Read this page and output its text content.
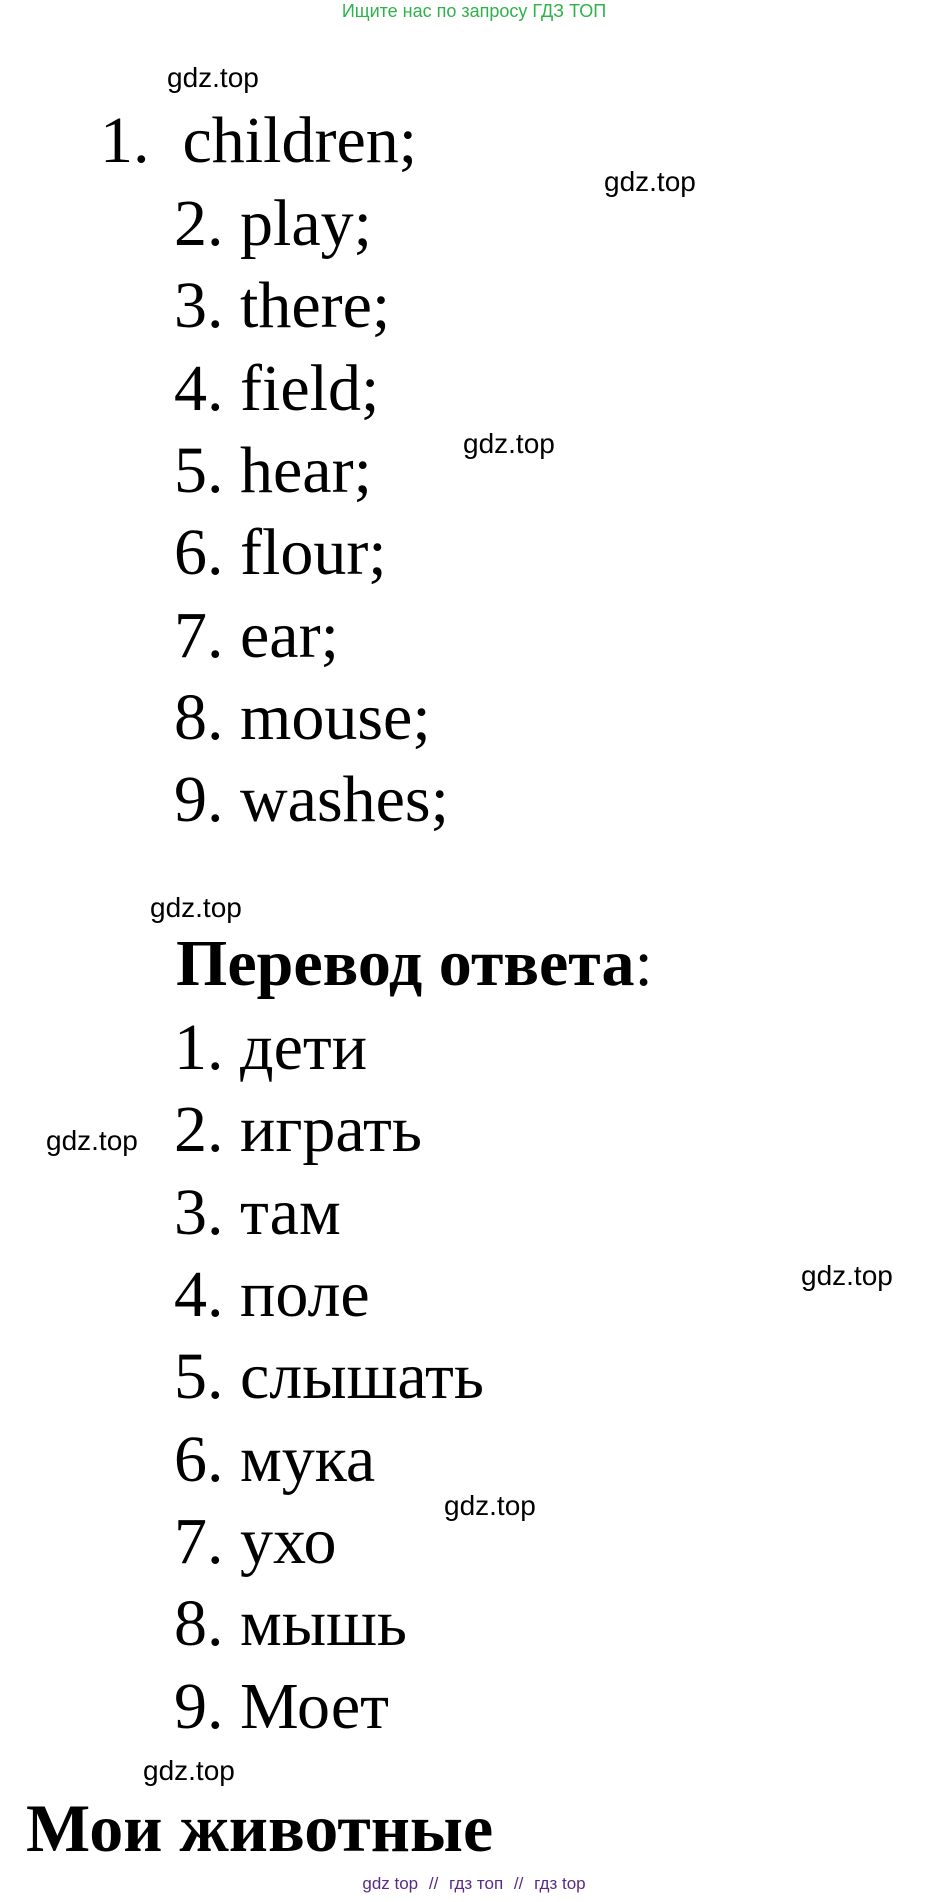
Ищите нас по запросу ГДЗ ТОП
gdz.top
gdz.top
gdz.top
gdz.top
gdz.top
gdz.top
gdz.top
gdz.top
1. children;
2. play;
3. there;
4. field;
5. hear;
6. flour;
7. ear;
8. mouse;
9. washes;
Перевод ответа:
1. дети
2. играть
3. там
4. поле
5. слышать
6. мука
7. ухо
8. мышь
9. Моет
Мои животные
gdz top // гдз топ // гдз top
